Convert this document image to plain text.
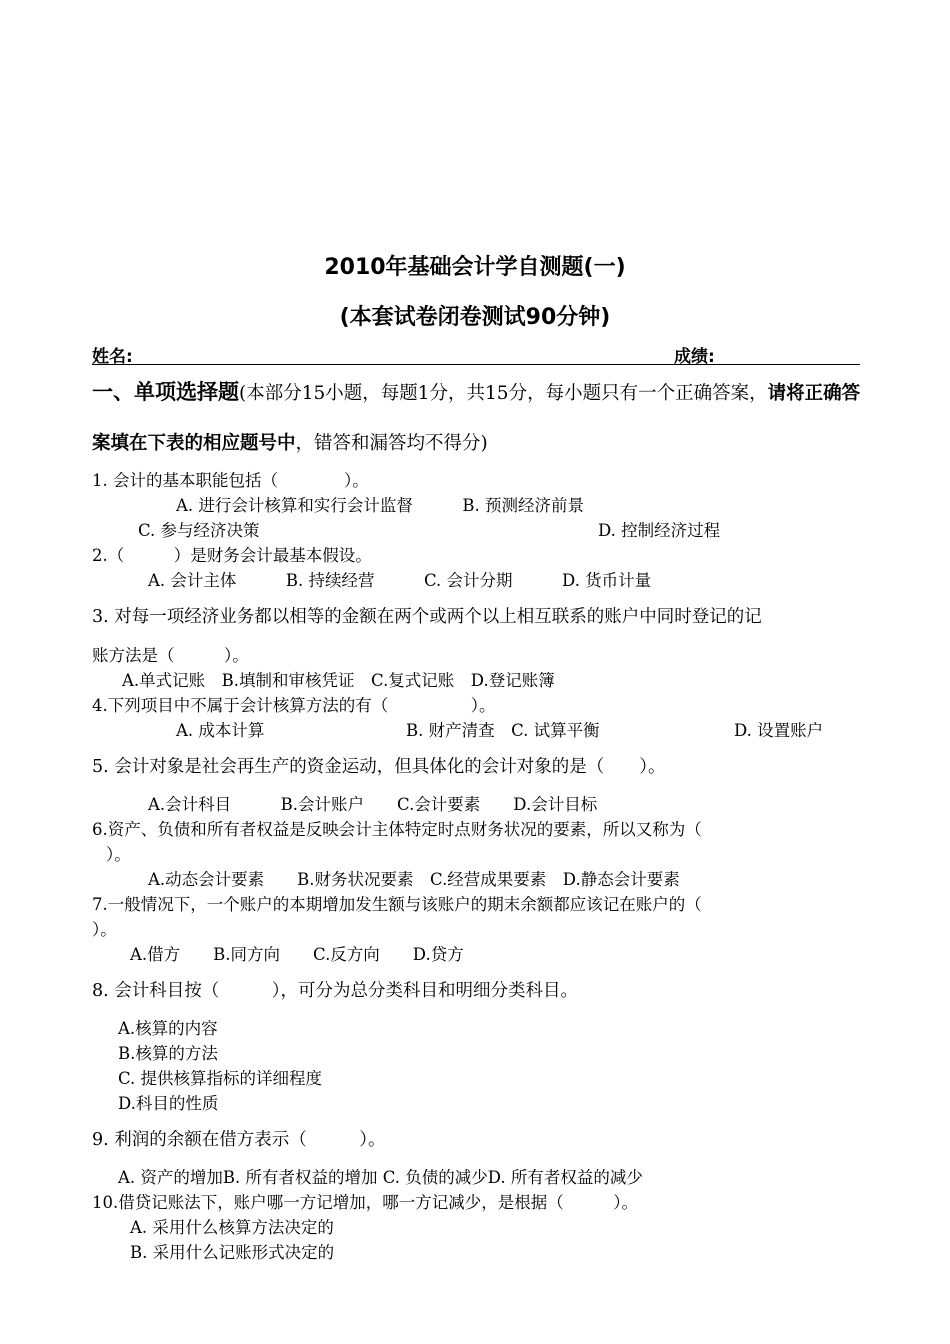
2010年基础会计学自测题(一)
(本套试卷闭卷测试90分钟)
姓名:	成绩:
一、单项选择题(本部分15小题，每题1分，共15分，每小题只有一个正确答案，请将正确答案填在下表的相应题号中，错答和漏答均不得分)
1. 会计的基本职能包括（　　　　）。
A. 进行会计核算和实行会计监督　　　B. 预测经济前景
C. 参与经济决策	D. 控制经济过程
2.（　　　）是财务会计最基本假设。
A. 会计主体　　　B. 持续经营　　　C. 会计分期　　　D. 货币计量
3. 对每一项经济业务都以相等的金额在两个或两个以上相互联系的账户中同时登记的记
账方法是（　　　）。
A.单式记账　B.填制和审核凭证　C.复式记账　D.登记账簿
4.下列项目中不属于会计核算方法的有（　　　　　）。
A. 成本计算	B. 财产清查　C. 试算平衡	D. 设置账户
5. 会计对象是社会再生产的资金运动，但具体化的会计对象的是（　　）。
A.会计科目　　　B.会计账户　　C.会计要素　　D.会计目标
6.资产、负债和所有者权益是反映会计主体特定时点财务状况的要素，所以又称为（
）。
A.动态会计要素　　B.财务状况要素　C.经营成果要素　D.静态会计要素
7.一般情况下，一个账户的本期增加发生额与该账户的期末余额都应该记在账户的（
）。
A.借方　　B.同方向　　C.反方向　　D.贷方
8. 会计科目按（　　　），可分为总分类科目和明细分类科目。
A.核算的内容
B.核算的方法
C. 提供核算指标的详细程度
D.科目的性质
9. 利润的余额在借方表示（　　　）。
A. 资产的增加B. 所有者权益的增加 C. 负债的减少D. 所有者权益的减少
10.借贷记账法下，账户哪一方记增加，哪一方记减少，是根据（　　　）。
A. 采用什么核算方法决定的
B. 采用什么记账形式决定的
